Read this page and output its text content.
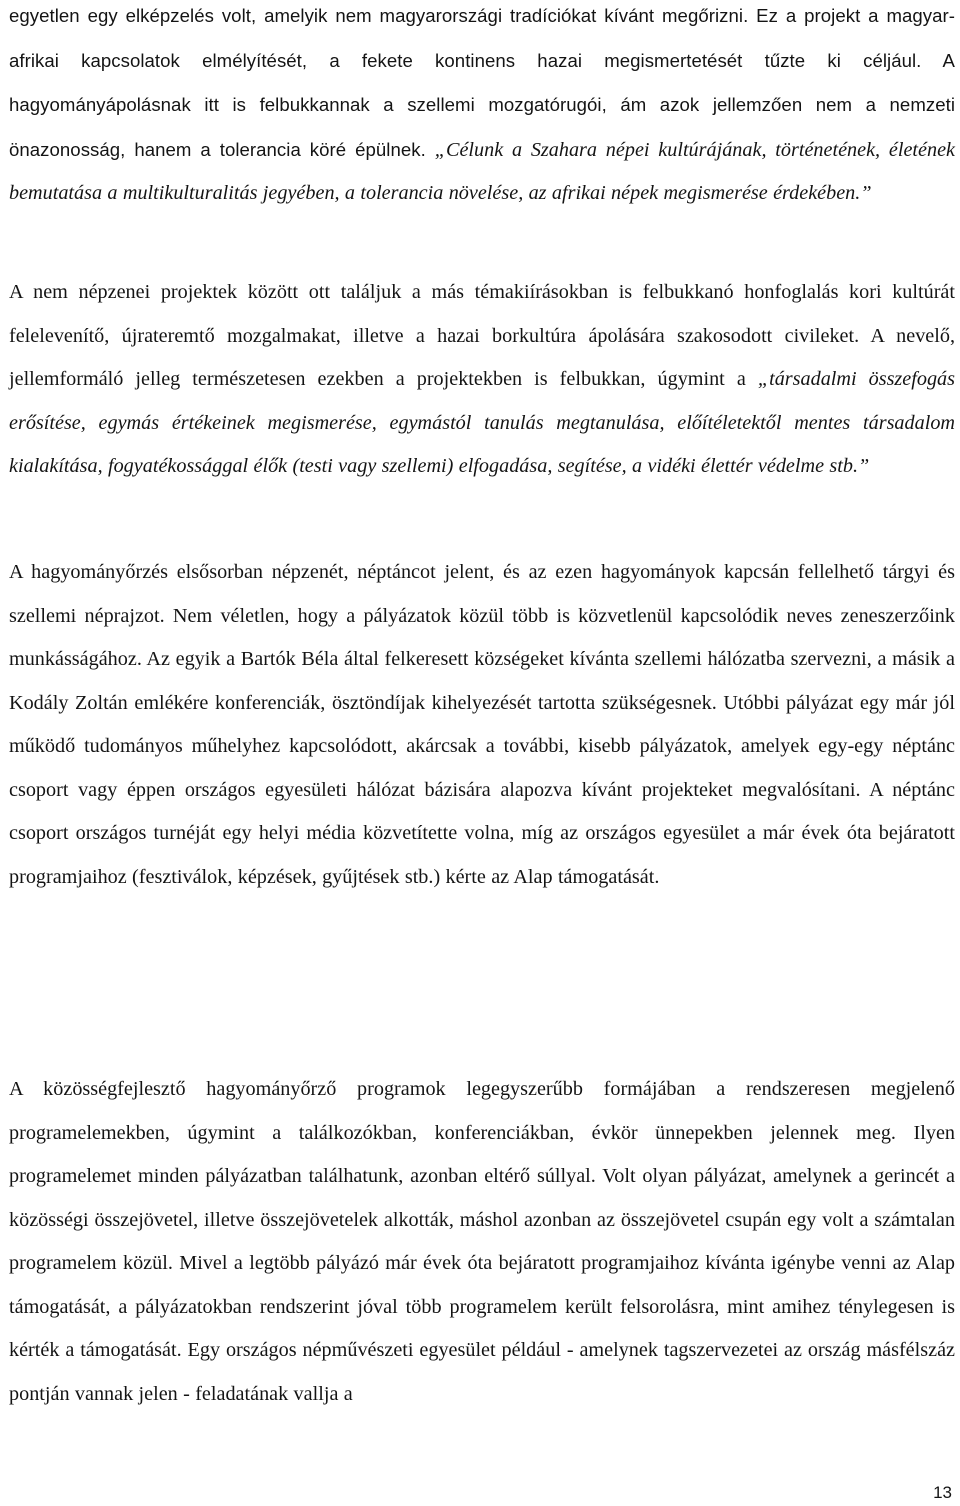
egyetlen egy elképzelés volt, amelyik nem magyarországi tradíciókat kívánt megőrizni. Ez a projekt a magyar-afrikai kapcsolatok elmélyítését, a fekete kontinens hazai megismertetését tűzte ki céljául. A hagyományápolásnak itt is felbukkannak a szellemi mozgatórugói, ám azok jellemzően nem a nemzeti önazonosság, hanem a tolerancia köré épülnek. „Célunk a Szahara népei kultúrájának, történetének, életének bemutatása a multikulturalitás jegyében, a tolerancia növelése, az afrikai népek megismerése érdekében.”

A nem népzenei projektek között ott találjuk a más témakiírásokban is felbukkanó honfoglalás kori kultúrát felelevenítő, újrateremtő mozgalmakat, illetve a hazai borkultúra ápolására szakosodott civileket. A nevelő, jellemformáló jelleg természetesen ezekben a projektekben is felbukkan, úgymint a „társadalmi összefogás erősítése, egymás értékeinek megismerése, egymástól tanulás megtanulása, előítéletektől mentes társadalom kialakítása, fogyatékossággal élők (testi vagy szellemi) elfogadása, segítése, a vidéki élettér védelme stb.”

A hagyományőrzés elsősorban népzenét, néptáncot jelent, és az ezen hagyományok kapcsán fellelhető tárgyi és szellemi néprajzot. Nem véletlen, hogy a pályázatok közül több is közvetlenül kapcsolódik neves zeneszerzőink munkásságához. Az egyik a Bartók Béla által felkeresett községeket kívánta szellemi hálózatba szervezni, a másik a Kodály Zoltán emlékére konferenciák, ösztöndíjak kihelyezését tartotta szükségesnek. Utóbbi pályázat egy már jól működő tudományos műhelyhez kapcsolódott, akárcsak a további, kisebb pályázatok, amelyek egy-egy néptánc csoport vagy éppen országos egyesületi hálózat bázisára alapozva kívánt projekteket megvalósítani. A néptánc csoport országos turnéját egy helyi média közvetítette volna, míg az országos egyesület a már évek óta bejáratott programjaihoz (fesztiválok, képzések, gyűjtések stb.) kérte az Alap támogatását.

A közösségfejlesztő hagyományőrző programok legegyszerűbb formájában a rendszeresen megjelenő programelemekben, úgymint a találkozókban, konferenciákban, évkör ünnepekben jelennek meg. Ilyen programelemet minden pályázatban találhatunk, azonban eltérő súllyal. Volt olyan pályázat, amelynek a gerincét a közösségi összejövetel, illetve összejövetelek alkották, máshol azonban az összejövetel csupán egy volt a számtalan programelem közül. Mivel a legtöbb pályázó már évek óta bejáratott programjaihoz kívánta igénybe venni az Alap támogatását, a pályázatokban rendszerint jóval több programelem került felsorolásra, mint amihez ténylegesen is kérték a támogatását. Egy országos népművészeti egyesület például - amelynek tagszervezetei az ország másfélszáz pontján vannak jelen - feladatának vallja a

13
